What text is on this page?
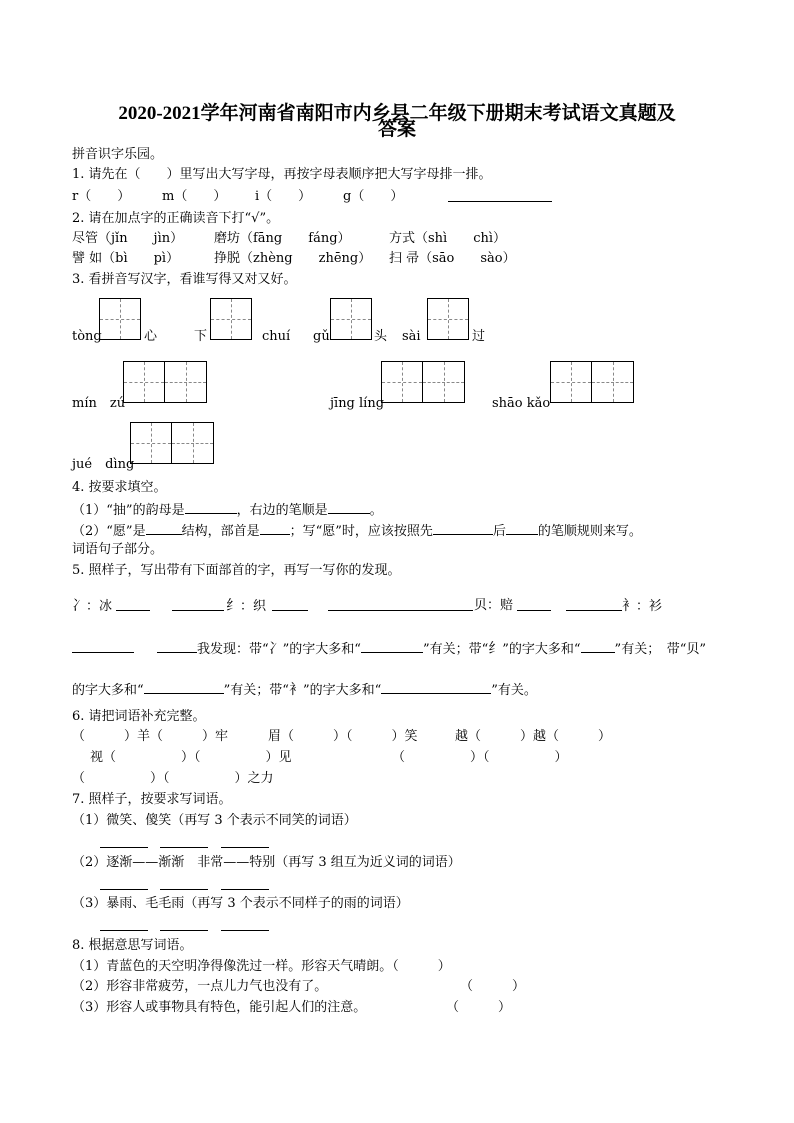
2020-2021学年河南省南阳市内乡县二年级下册期末考试语文真题及
答案
拼音识字乐园。
1. 请先在（　　）里写出大写字母，再按字母表顺序把大写字母排一排。
r（　　） m（　　） i（　　） g（　　）
2. 请在加点字的正确读音下打“√”。
尽管（jǐn　　jìn） 磨坊（fāng　　fáng）	方式（shì　　chì）
譬 如（bì　　pì）	挣脱（zhèng　　zhēng） 扫 帚（sāo　　sào）
3. 看拼音写汉字，看谁写得又对又好。
tòng	心	下	chuí gǔ	头 sài	过
mín　zú	jīng líng	shāo kǎo
jué　dìng
4. 按要求填空。
（1）“抽”的韵母是	，右边的笔顺是	。
（2）“愿”是	结构，部首是 ；写“愿”时，应该按照先	后 的笔顺规则来写。
词语句子部分。
5. 照样子，写出带有下面部首的字，再写一写你的发现。
冫：冰	纟：织	贝：赔	衤：衫
我发现：带“冫”的字大多和“	”有关；带“纟”的字大多和“	”有关；　带“贝”
的字大多和“	”有关；带“衤”的字大多和“	”有关。
6. 请把词语补充完整。
（　　　）羊（　　　）牢	眉（　　　）（　　　）笑	越（　　　）越（　　　）
视（　　　　　）（　　　　　）见	（　　　　　）（　　　　　）
（　　　　　）（　　　　　）之力
7. 照样子，按要求写词语。
（1）微笑、傻笑（再写 3 个表示不同笑的词语）

（2）逐渐——渐渐　非常——特别（再写 3 组互为近义词的词语）

（3）暴雨、毛毛雨（再写 3 个表示不同样子的雨的词语）

8. 根据意思写词语。
（1）青蓝色的天空明净得像洗过一样。形容天气晴朗。（　　　）
（2）形容非常疲劳，一点儿力气也没有了。	（　　　）
（3）形容人或事物具有特色，能引起人们的注意。	（　　　）
